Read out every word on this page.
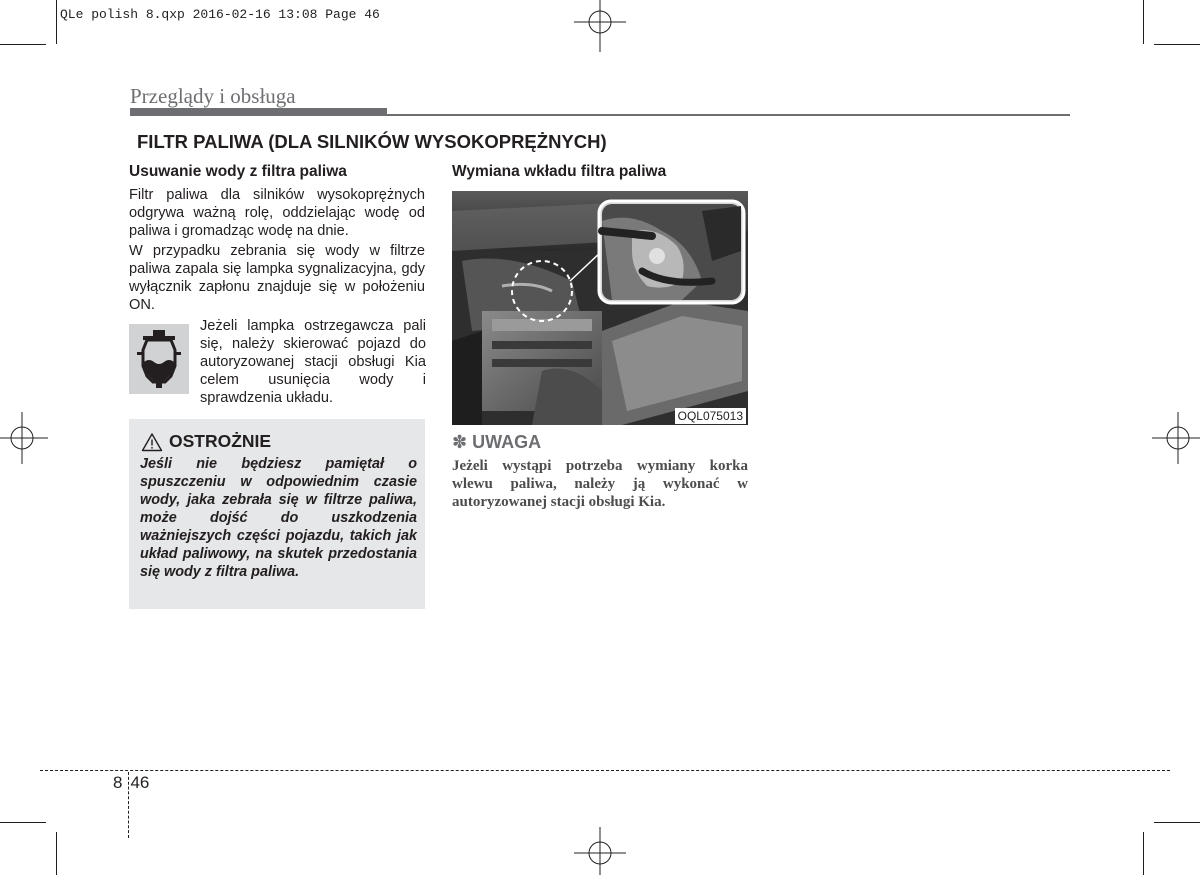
QLe polish 8.qxp 2016-02-16 13:08 Page 46
Przeglądy i obsługa
FILTR PALIWA (DLA SILNIKÓW WYSOKOPRĘŻNYCH)
Usuwanie wody z filtra paliwa

Filtr paliwa dla silników wysokoprężnych odgrywa ważną rolę, oddzielając wodę od paliwa i gromadząc wodę na dnie.

W przypadku zebrania się wody w filtrze paliwa zapala się lampka sygnalizacyjna, gdy wyłącznik zapłonu znajduje się w położeniu ON.

Jeżeli lampka ostrzegawcza pali się, należy skierować pojazd do autoryzowanej stacji obsługi Kia celem usunięcia wody i sprawdzenia układu.
OSTROŻNIE
Jeśli nie będziesz pamiętał o spuszczeniu w odpowiednim czasie wody, jaka zebrała się w filtrze paliwa, może dojść do uszkodzenia ważniejszych części pojazdu, takich jak układ paliwowy, na skutek przedostania się wody z filtra paliwa.
Wymiana wkładu filtra paliwa
OQL075013
✽ UWAGA
Jeżeli wystąpi potrzeba wymiany korka wlewu paliwa, należy ją wykonać w autoryzowanej stacji obsługi Kia.
8 46
